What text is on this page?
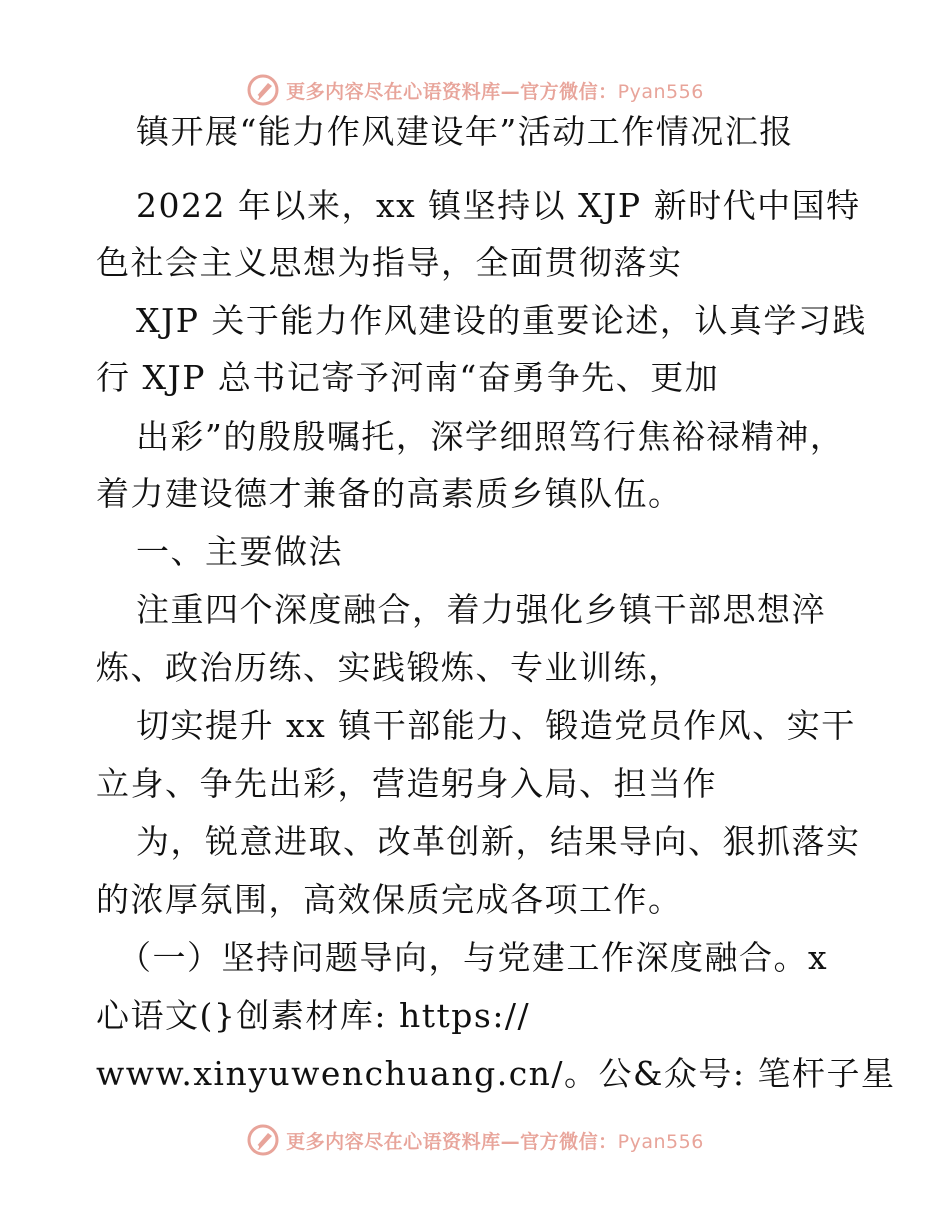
更多内容尽在心语资料库—官方微信：Pyan556
镇开展“能力作风建设年”活动工作情况汇报
2022 年以来，xx 镇坚持以 XJP 新时代中国特
色社会主义思想为指导，全面贯彻落实
XJP 关于能力作风建设的重要论述，认真学习践
行 XJP 总书记寄予河南“奋勇争先、更加
出彩”的殷殷嘱托，深学细照笃行焦裕禄精神，
着力建设德才兼备的高素质乡镇队伍。
一、主要做法
注重四个深度融合，着力强化乡镇干部思想淬
炼、政治历练、实践锻炼、专业训练，
切实提升 xx 镇干部能力、锻造党员作风、实干
立身、争先出彩，营造躬身入局、担当作
为，锐意进取、改革创新，结果导向、狠抓落实
的浓厚氛围，高效保质完成各项工作。
（一）坚持问题导向，与党建工作深度融合。x
心语文(}创素材库: https://
www.xinyuwenchuang.cn/。公&众号: 笔杆子星
更多内容尽在心语资料库—官方微信：Pyan556
